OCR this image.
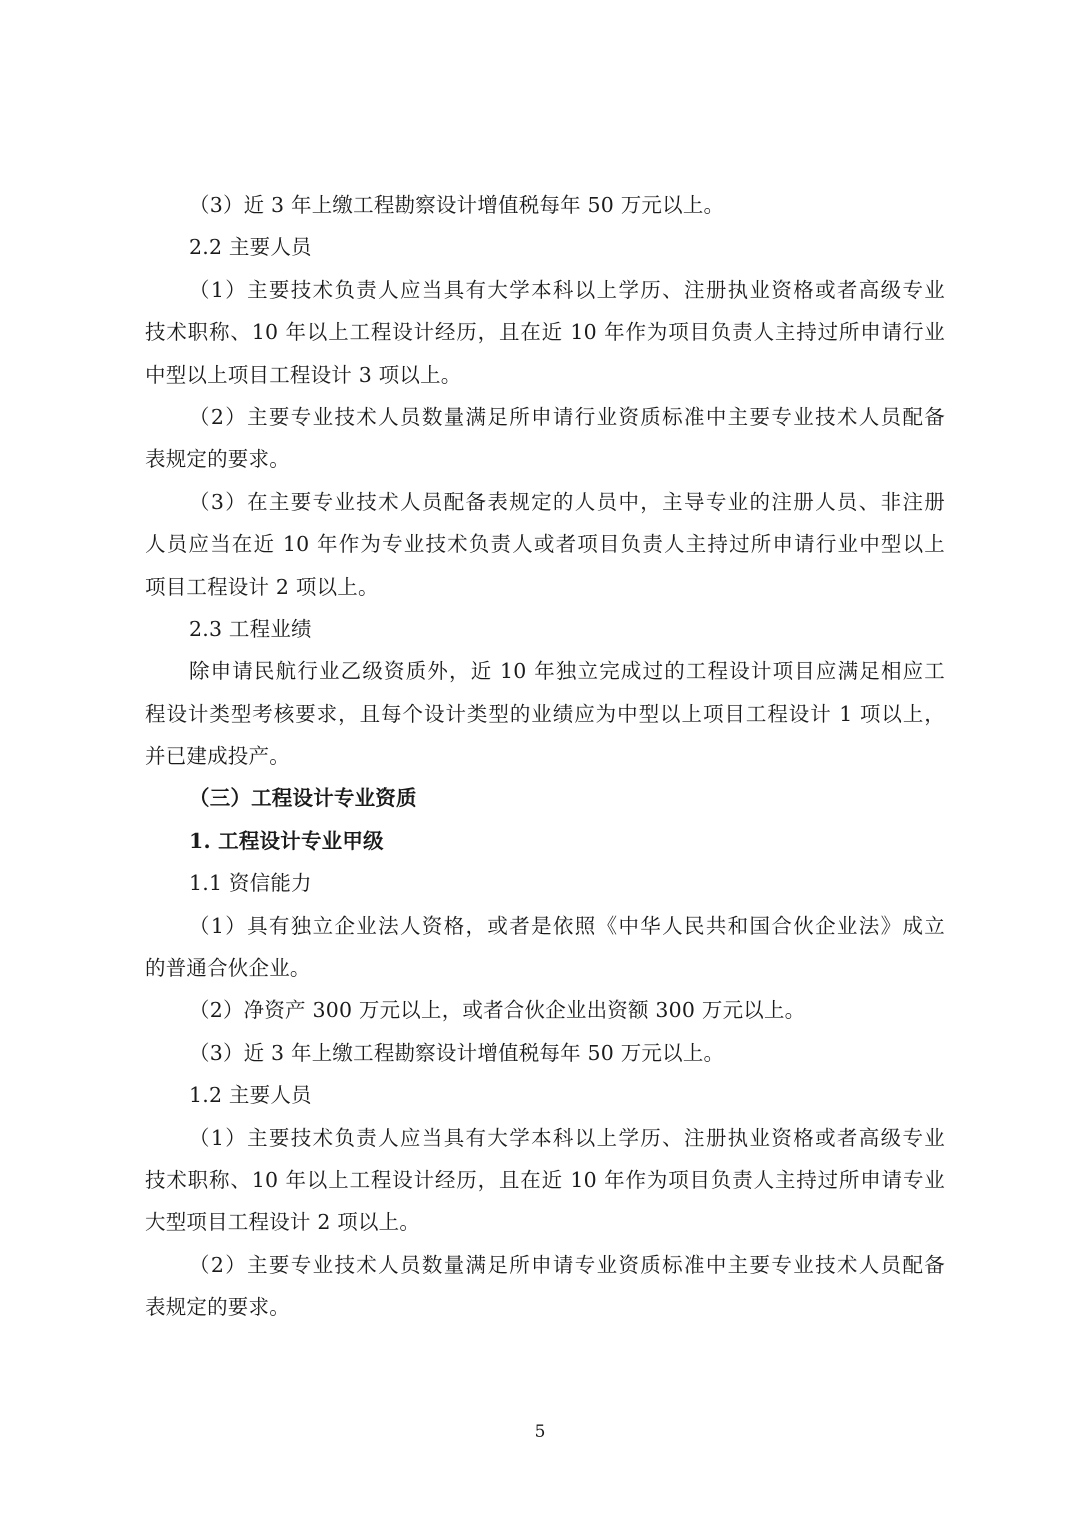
（3）近 3 年上缴工程勘察设计增值税每年 50 万元以上。
2.2 主要人员
（1）主要技术负责人应当具有大学本科以上学历、注册执业资格或者高级专业
技术职称、10 年以上工程设计经历，且在近 10 年作为项目负责人主持过所申请行业
中型以上项目工程设计 3 项以上。
（2）主要专业技术人员数量满足所申请行业资质标准中主要专业技术人员配备
表规定的要求。
（3）在主要专业技术人员配备表规定的人员中，主导专业的注册人员、非注册
人员应当在近 10 年作为专业技术负责人或者项目负责人主持过所申请行业中型以上
项目工程设计 2 项以上。
2.3 工程业绩
除申请民航行业乙级资质外，近 10 年独立完成过的工程设计项目应满足相应工
程设计类型考核要求，且每个设计类型的业绩应为中型以上项目工程设计 1 项以上，
并已建成投产。
（三）工程设计专业资质
1. 工程设计专业甲级
1.1 资信能力
（1）具有独立企业法人资格，或者是依照《中华人民共和国合伙企业法》成立
的普通合伙企业。
（2）净资产 300 万元以上，或者合伙企业出资额 300 万元以上。
（3）近 3 年上缴工程勘察设计增值税每年 50 万元以上。
1.2 主要人员
（1）主要技术负责人应当具有大学本科以上学历、注册执业资格或者高级专业
技术职称、10 年以上工程设计经历，且在近 10 年作为项目负责人主持过所申请专业
大型项目工程设计 2 项以上。
（2）主要专业技术人员数量满足所申请专业资质标准中主要专业技术人员配备
表规定的要求。
5
